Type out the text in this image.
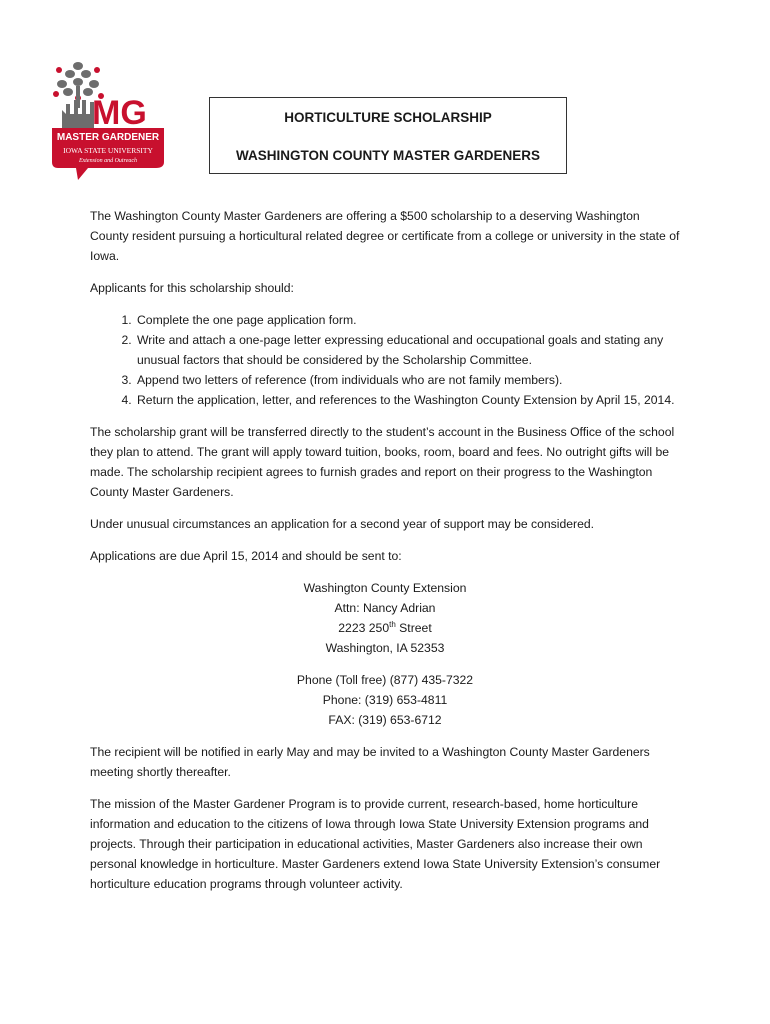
MG
MASTER GARDENER
IOWA STATE UNIVERSITY
Extension and Outreach
HORTICULTURE SCHOLARSHIP
WASHINGTON COUNTY MASTER GARDENERS

The Washington County Master Gardeners are offering a $500 scholarship to a deserving Washington County resident pursuing a horticultural related degree or certificate from a college or university in the state of Iowa.

Applicants for this scholarship should:

1. Complete the one page application form.
2. Write and attach a one-page letter expressing educational and occupational goals and stating any unusual factors that should be considered by the Scholarship Committee.
3. Append two letters of reference (from individuals who are not family members).
4. Return the application, letter, and references to the Washington County Extension by April 15, 2014.

The scholarship grant will be transferred directly to the student’s account in the Business Office of the school they plan to attend. The grant will apply toward tuition, books, room, board and fees. No outright gifts will be made. The scholarship recipient agrees to furnish grades and report on their progress to the Washington County Master Gardeners.

Under unusual circumstances an application for a second year of support may be considered.

Applications are due April 15, 2014 and should be sent to:

Washington County Extension
Attn: Nancy Adrian
2223 250th Street
Washington, IA 52353
Phone (Toll free) (877) 435-7322
Phone: (319) 653-4811
FAX: (319) 653-6712

The recipient will be notified in early May and may be invited to a Washington County Master Gardeners meeting shortly thereafter.

The mission of the Master Gardener Program is to provide current, research-based, home horticulture information and education to the citizens of Iowa through Iowa State University Extension programs and projects. Through their participation in educational activities, Master Gardeners also increase their own personal knowledge in horticulture. Master Gardeners extend Iowa State University Extension’s consumer horticulture education programs through volunteer activity.
